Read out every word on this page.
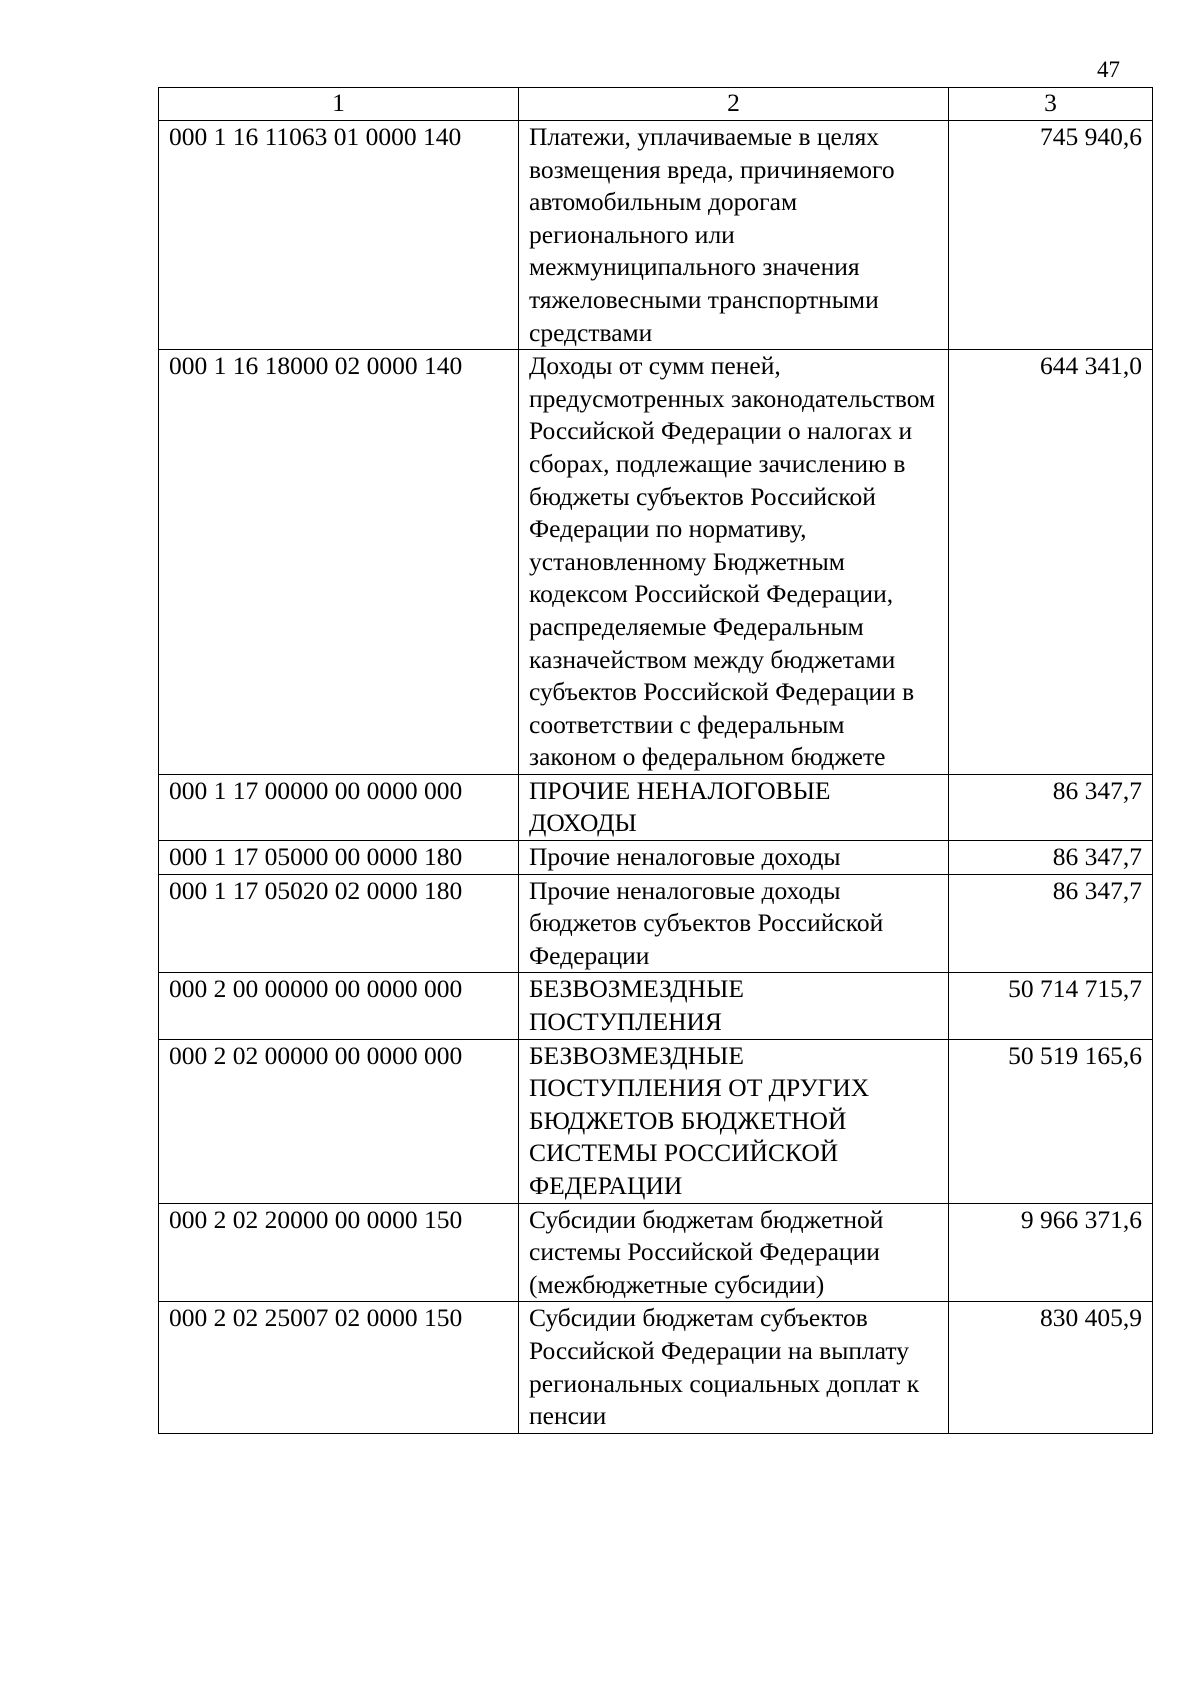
47
1	2	3
000 1 16 11063 01 0000 140	Платежи, уплачиваемые в целях возмещения вреда, причиняемого автомобильным дорогам регионального или межмуниципального значения тяжеловесными транспортными средствами	745 940,6
000 1 16 18000 02 0000 140	Доходы от сумм пеней, предусмотренных законодательством Российской Федерации о налогах и сборах, подлежащие зачислению в бюджеты субъектов Российской Федерации по нормативу, установленному Бюджетным кодексом Российской Федерации, распределяемые Федеральным казначейством между бюджетами субъектов Российской Федерации в соответствии с федеральным законом о федеральном бюджете	644 341,0
000 1 17 00000 00 0000 000	ПРОЧИЕ НЕНАЛОГОВЫЕ ДОХОДЫ	86 347,7
000 1 17 05000 00 0000 180	Прочие неналоговые доходы	86 347,7
000 1 17 05020 02 0000 180	Прочие неналоговые доходы бюджетов субъектов Российской Федерации	86 347,7
000 2 00 00000 00 0000 000	БЕЗВОЗМЕЗДНЫЕ ПОСТУПЛЕНИЯ	50 714 715,7
000 2 02 00000 00 0000 000	БЕЗВОЗМЕЗДНЫЕ ПОСТУПЛЕНИЯ ОТ ДРУГИХ БЮДЖЕТОВ БЮДЖЕТНОЙ СИСТЕМЫ РОССИЙСКОЙ ФЕДЕРАЦИИ	50 519 165,6
000 2 02 20000 00 0000 150	Субсидии бюджетам бюджетной системы Российской Федерации (межбюджетные субсидии)	9 966 371,6
000 2 02 25007 02 0000 150	Субсидии бюджетам субъектов Российской Федерации на выплату региональных социальных доплат к пенсии	830 405,9
